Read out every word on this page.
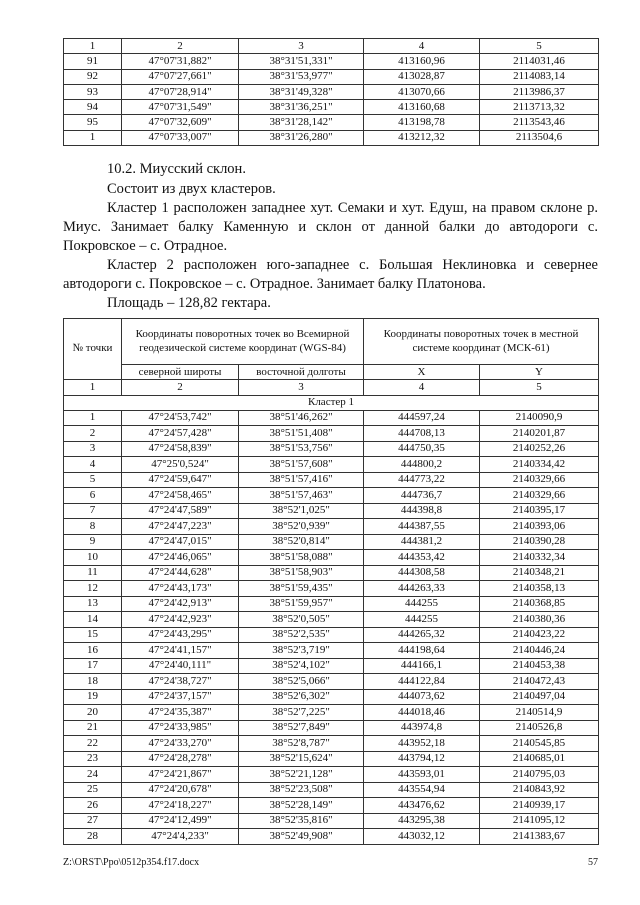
1	2	3	4	5
91	47°07'31,882"	38°31'51,331"	413160,96	2114031,46
92	47°07'27,661"	38°31'53,977"	413028,87	2114083,14
93	47°07'28,914"	38°31'49,328"	413070,66	2113986,37
94	47°07'31,549"	38°31'36,251"	413160,68	2113713,32
95	47°07'32,609"	38°31'28,142"	413198,78	2113543,46
1	47°07'33,007"	38°31'26,280"	413212,32	2113504,6
10.2. Миусский склон.
Состоит из двух кластеров.
Кластер 1 расположен западнее хут. Семаки и хут. Едуш, на правом склоне р. Миус. Занимает балку Каменную и склон от данной балки до автодороги с. Покровское – с. Отрадное.
Кластер 2 расположен юго-западнее с. Большая Неклиновка и севернее автодороги с. Покровское – с. Отрадное. Занимает балку Платонова.
Площадь – 128,82 гектара.
№ точки	Координаты поворотных точек во Всемирной геодезической системе координат (WGS-84)		Координаты поворотных точек в местной системе координат (МСК-61)	
	северной широты	восточной долготы	X	Y
1	2	3	4	5
Кластер 1				
1	47°24'53,742"	38°51'46,262"	444597,24	2140090,9
2	47°24'57,428"	38°51'51,408"	444708,13	2140201,87
3	47°24'58,839"	38°51'53,756"	444750,35	2140252,26
4	47°25'0,524"	38°51'57,608"	444800,2	2140334,42
5	47°24'59,647"	38°51'57,416"	444773,22	2140329,66
6	47°24'58,465"	38°51'57,463"	444736,7	2140329,66
7	47°24'47,589"	38°52'1,025"	444398,8	2140395,17
8	47°24'47,223"	38°52'0,939"	444387,55	2140393,06
9	47°24'47,015"	38°52'0,814"	444381,2	2140390,28
10	47°24'46,065"	38°51'58,088"	444353,42	2140332,34
11	47°24'44,628"	38°51'58,903"	444308,58	2140348,21
12	47°24'43,173"	38°51'59,435"	444263,33	2140358,13
13	47°24'42,913"	38°51'59,957"	444255	2140368,85
14	47°24'42,923"	38°52'0,505"	444255	2140380,36
15	47°24'43,295"	38°52'2,535"	444265,32	2140423,22
16	47°24'41,157"	38°52'3,719"	444198,64	2140446,24
17	47°24'40,111"	38°52'4,102"	444166,1	2140453,38
18	47°24'38,727"	38°52'5,066"	444122,84	2140472,43
19	47°24'37,157"	38°52'6,302"	444073,62	2140497,04
20	47°24'35,387"	38°52'7,225"	444018,46	2140514,9
21	47°24'33,985"	38°52'7,849"	443974,8	2140526,8
22	47°24'33,270"	38°52'8,787"	443952,18	2140545,85
23	47°24'28,278"	38°52'15,624"	443794,12	2140685,01
24	47°24'21,867"	38°52'21,128"	443593,01	2140795,03
25	47°24'20,678"	38°52'23,508"	443554,94	2140843,92
26	47°24'18,227"	38°52'28,149"	443476,62	2140939,17
27	47°24'12,499"	38°52'35,816"	443295,38	2141095,12
28	47°24'4,233"	38°52'49,908"	443032,12	2141383,67
Z:\ORST\Ppo\0512p354.f17.docx	57
